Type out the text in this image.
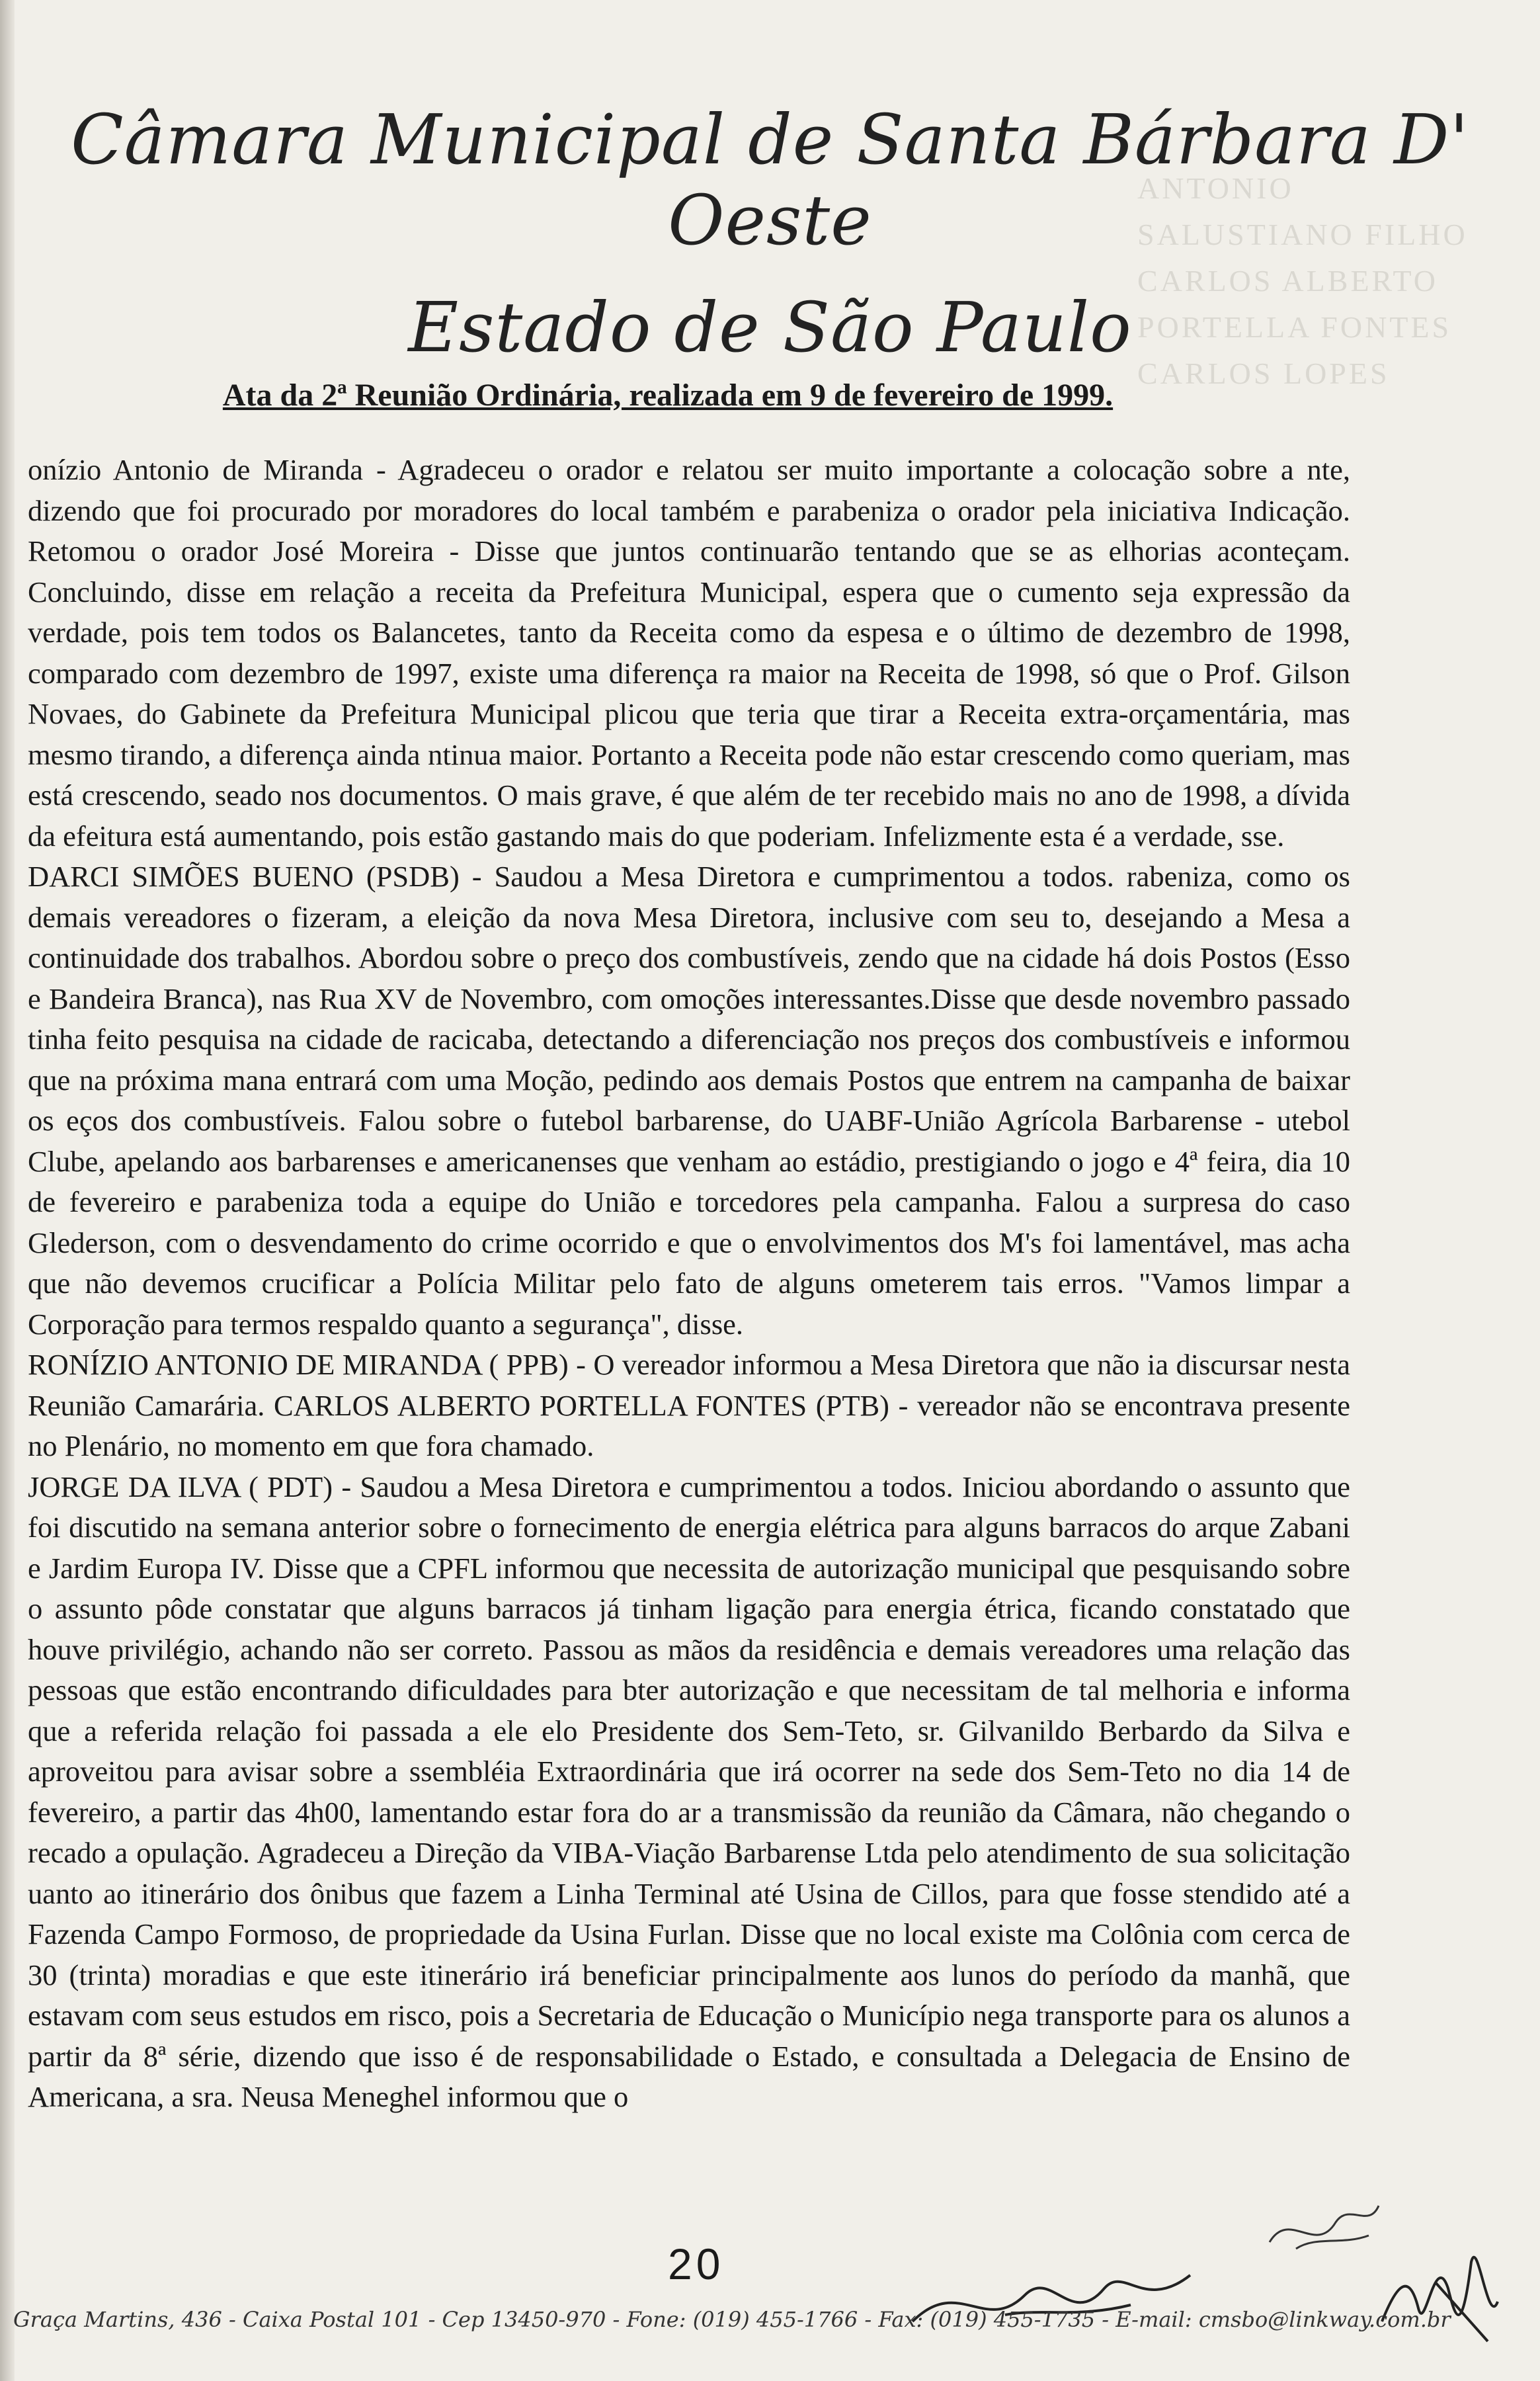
ANTONIO SALUSTIANO FILHO
CARLOS ALBERTO PORTELLA FONTES
CARLOS LOPES
Câmara Municipal de Santa Bárbara D' Oeste
Estado de São Paulo
Ata da 2ª Reunião Ordinária, realizada em 9 de fevereiro de 1999.
onízio Antonio de Miranda - Agradeceu o orador e relatou ser muito importante a colocação sobre a nte, dizendo que foi procurado por moradores do local também e parabeniza o orador pela iniciativa Indicação. Retomou o orador José Moreira - Disse que juntos continuarão tentando que se as elhorias aconteçam. Concluindo, disse em relação a receita da Prefeitura Municipal, espera que o cumento seja expressão da verdade, pois tem todos os Balancetes, tanto da Receita como da espesa e o último de dezembro de 1998, comparado com dezembro de 1997, existe uma diferença ra maior na Receita de 1998, só que o Prof. Gilson Novaes, do Gabinete da Prefeitura Municipal plicou que teria que tirar a Receita extra-orçamentária, mas mesmo tirando, a diferença ainda ntinua maior. Portanto a Receita pode não estar crescendo como queriam, mas está crescendo, seado nos documentos. O mais grave, é que além de ter recebido mais no ano de 1998, a dívida da efeitura está aumentando, pois estão gastando mais do que poderiam. Infelizmente esta é a verdade, sse.
DARCI SIMÕES BUENO (PSDB) - Saudou a Mesa Diretora e cumprimentou a todos. rabeniza, como os demais vereadores o fizeram, a eleição da nova Mesa Diretora, inclusive com seu to, desejando a Mesa a continuidade dos trabalhos. Abordou sobre o preço dos combustíveis, zendo que na cidade há dois Postos (Esso e Bandeira Branca), nas Rua XV de Novembro, com omoções interessantes.Disse que desde novembro passado tinha feito pesquisa na cidade de racicaba, detectando a diferenciação nos preços dos combustíveis e informou que na próxima mana entrará com uma Moção, pedindo aos demais Postos que entrem na campanha de baixar os eços dos combustíveis. Falou sobre o futebol barbarense, do UABF-União Agrícola Barbarense - utebol Clube, apelando aos barbarenses e americanenses que venham ao estádio, prestigiando o jogo e 4ª feira, dia 10 de fevereiro e parabeniza toda a equipe do União e torcedores pela campanha. Falou a surpresa do caso Glederson, com o desvendamento do crime ocorrido e que o envolvimentos dos M's foi lamentável, mas acha que não devemos crucificar a Polícia Militar pelo fato de alguns ometerem tais erros. "Vamos limpar a Corporação para termos respaldo quanto a segurança", disse.
RONÍZIO ANTONIO DE MIRANDA ( PPB) - O vereador informou a Mesa Diretora que não ia discursar nesta Reunião Camarária. CARLOS ALBERTO PORTELLA FONTES (PTB) - vereador não se encontrava presente no Plenário, no momento em que fora chamado.
JORGE DA ILVA ( PDT) - Saudou a Mesa Diretora e cumprimentou a todos. Iniciou abordando o assunto que foi discutido na semana anterior sobre o fornecimento de energia elétrica para alguns barracos do arque Zabani e Jardim Europa IV. Disse que a CPFL informou que necessita de autorização municipal que pesquisando sobre o assunto pôde constatar que alguns barracos já tinham ligação para energia étrica, ficando constatado que houve privilégio, achando não ser correto. Passou as mãos da residência e demais vereadores uma relação das pessoas que estão encontrando dificuldades para bter autorização e que necessitam de tal melhoria e informa que a referida relação foi passada a ele elo Presidente dos Sem-Teto, sr. Gilvanildo Berbardo da Silva e aproveitou para avisar sobre a ssembléia Extraordinária que irá ocorrer na sede dos Sem-Teto no dia 14 de fevereiro, a partir das 4h00, lamentando estar fora do ar a transmissão da reunião da Câmara, não chegando o recado a opulação. Agradeceu a Direção da VIBA-Viação Barbarense Ltda pelo atendimento de sua solicitação uanto ao itinerário dos ônibus que fazem a Linha Terminal até Usina de Cillos, para que fosse stendido até a Fazenda Campo Formoso, de propriedade da Usina Furlan. Disse que no local existe ma Colônia com cerca de 30 (trinta) moradias e que este itinerário irá beneficiar principalmente aos lunos do período da manhã, que estavam com seus estudos em risco, pois a Secretaria de Educação o Município nega transporte para os alunos a partir da 8ª série, dizendo que isso é de responsabilidade o Estado, e consultada a Delegacia de Ensino de Americana, a sra. Neusa Meneghel informou que o
20
Graça Martins, 436 - Caixa Postal 101 - Cep 13450-970 - Fone: (019) 455-1766 - Fax: (019) 455-1735 - E-mail: cmsbo@linkway.com.br
